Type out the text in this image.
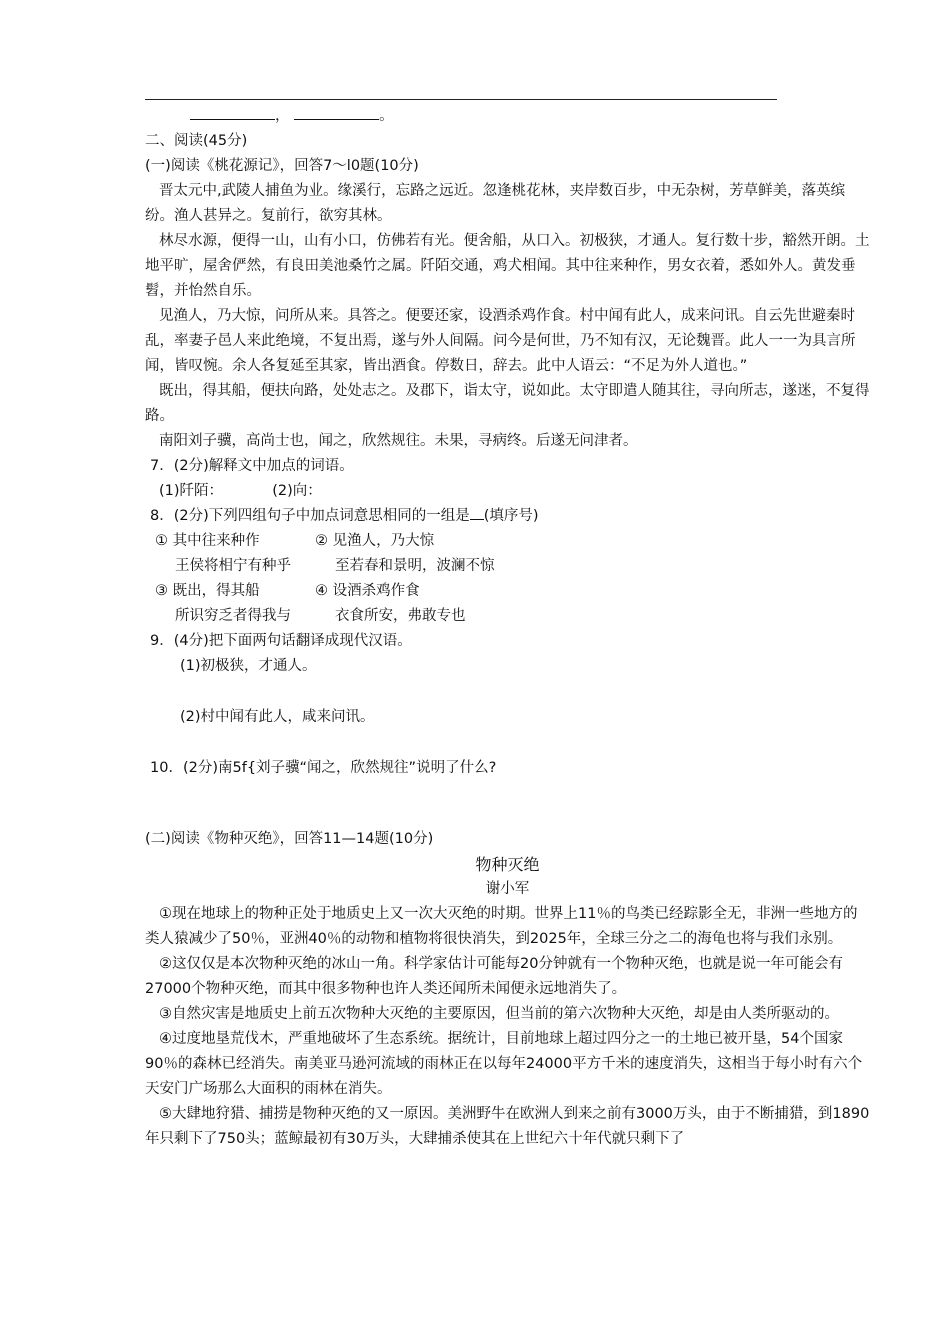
，	。

二、阅读(45分)

(一)阅读《桃花源记》，回答7～l0题(10分)

晋太元中,武陵人捕鱼为业。缘溪行，忘路之远近。忽逢桃花林，夹岸数百步，中无杂树，芳草鲜美，落英缤纷。渔人甚异之。复前行，欲穷其林。

林尽水源，便得一山，山有小口，仿佛若有光。便舍船，从口入。初极狭，才通人。复行数十步，豁然开朗。土地平旷，屋舍俨然，有良田美池桑竹之属。阡陌交通，鸡犬相闻。其中往来种作，男女衣着，悉如外人。黄发垂髫，并怡然自乐。

见渔人，乃大惊，问所从来。具答之。便要还家，设酒杀鸡作食。村中闻有此人，成来问讯。自云先世避秦时乱，率妻子邑人来此绝境，不复出焉，遂与外人间隔。问今是何世，乃不知有汉，无论魏晋。此人一一为具言所闻，皆叹惋。余人各复延至其家，皆出酒食。停数日，辞去。此中人语云：“不足为外人道也。”

既出，得其船，便扶向路，处处志之。及郡下，诣太守，说如此。太守即遣人随其往，寻向所志，遂迷，不复得路。

南阳刘子骥，高尚士也，闻之，欣然规往。未果，寻病终。后遂无问津者。

7．(2分)解释文中加点的词语。

(1)阡陌：	(2)向：

8．(2分)下列四组句子中加点词意思相同的一组是 (填序号)

① 其中往来种作	② 见渔人，乃大惊
王侯将相宁有种乎	至若春和景明，波澜不惊
③ 既出，得其船	④ 设酒杀鸡作食
所识穷乏者得我与	衣食所安，弗敢专也

9．(4分)把下面两句话翻译成现代汉语。

(1)初极狭，才通人。

(2)村中闻有此人，咸来问讯。

10．(2分)南5f{刘子骥“闻之，欣然规往”说明了什么?

(二)阅读《物种灭绝》，回答11—14题(10分)

物种灭绝

谢小军

①现在地球上的物种正处于地质史上又一次大灭绝的时期。世界上11％的鸟类已经踪影全无，非洲一些地方的类人猿减少了50％，亚洲40％的动物和植物将很快消失，到2025年，全球三分之二的海龟也将与我们永别。

②这仅仅是本次物种灭绝的冰山一角。科学家估计可能每20分钟就有一个物种灭绝，也就是说一年可能会有27000个物种灭绝，而其中很多物种也许人类还闻所未闻便永远地消失了。

③自然灾害是地质史上前五次物种大灭绝的主要原因，但当前的第六次物种大灭绝，却是由人类所驱动的。

④过度地垦荒伐木，严重地破坏了生态系统。据统计，目前地球上超过四分之一的土地已被开垦，54个国家90％的森林已经消失。南美亚马逊河流域的雨林正在以每年24000平方千米的速度消失，这相当于每小时有六个天安门广场那么大面积的雨林在消失。

⑤大肆地狩猎、捕捞是物种灭绝的又一原因。美洲野牛在欧洲人到来之前有3000万头，由于不断捕猎，到1890年只剩下了750头；蓝鲸最初有30万头，大肆捕杀使其在上世纪六十年代就只剩下了
